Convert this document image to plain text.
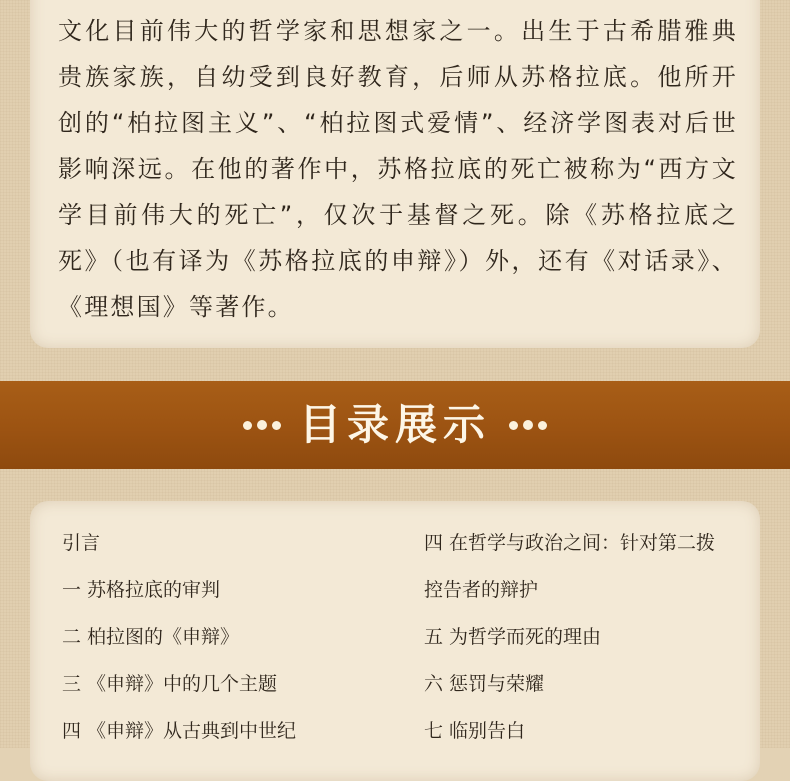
文化目前伟大的哲学家和思想家之一。出生于古希腊雅典贵族家族，自幼受到良好教育，后师从苏格拉底。他所开创的“柏拉图主义”、“柏拉图式爱情”、经济学图表对后世影响深远。在他的著作中，苏格拉底的死亡被称为“西方文学目前伟大的死亡”，仅次于基督之死。除《苏格拉底之死》（也有译为《苏格拉底的申辩》）外，还有《对话录》、《理想国》等著作。

目录展示
引言
一 苏格拉底的审判
二 柏拉图的《申辩》
三 《申辩》中的几个主题
四 《申辩》从古典到中世纪
四 在哲学与政治之间：针对第二拨
控告者的辩护
五 为哲学而死的理由
六 惩罚与荣耀
七 临别告白
